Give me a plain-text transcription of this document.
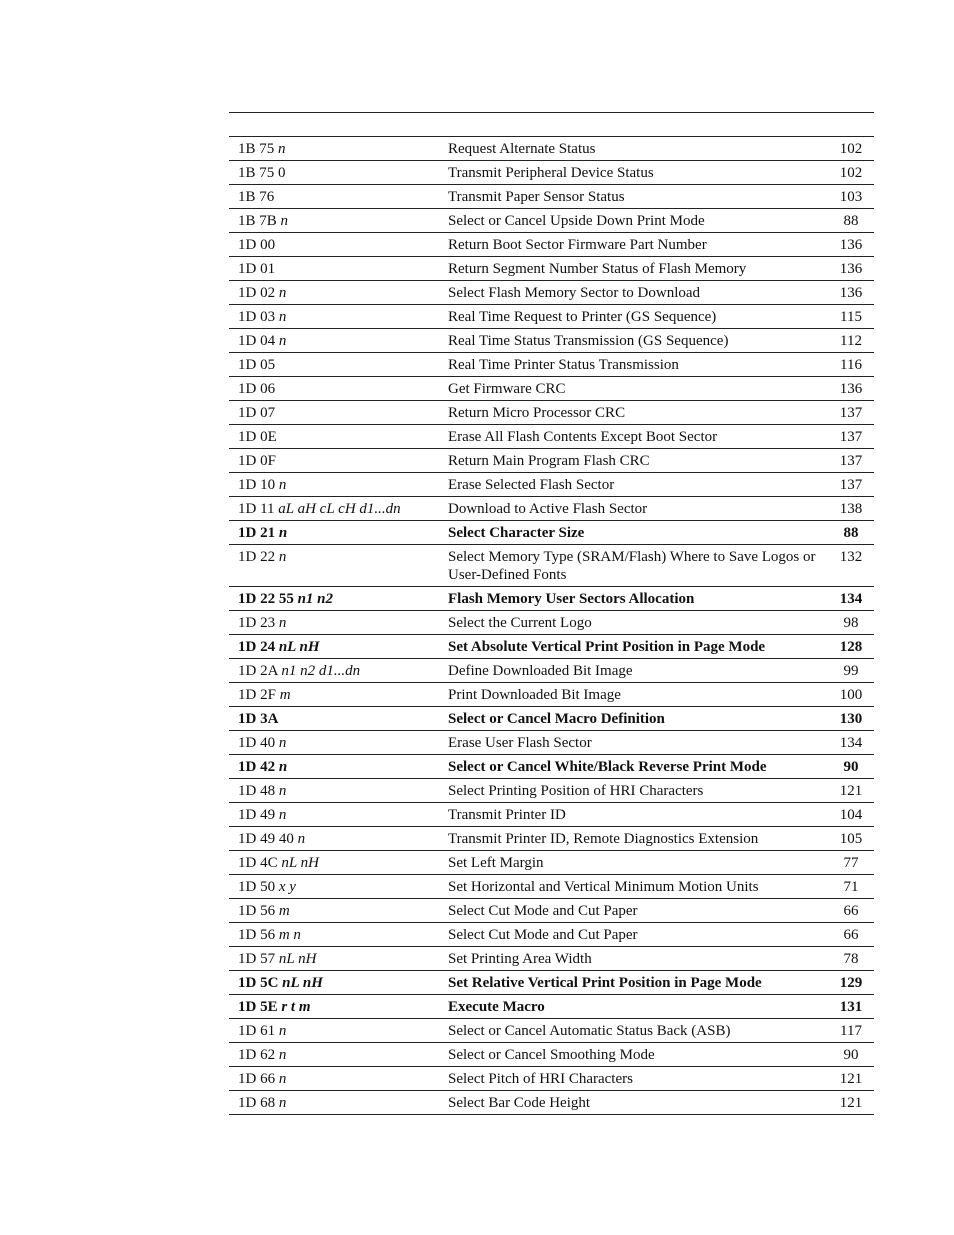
1B 75 n	Request Alternate Status	102
1B 75 0	Transmit Peripheral Device Status	102
1B 76	Transmit Paper Sensor Status	103
1B 7B n	Select or Cancel Upside Down Print Mode	88
1D 00	Return Boot Sector Firmware Part Number	136
1D 01	Return Segment Number Status of Flash Memory	136
1D 02 n	Select Flash Memory Sector to Download	136
1D 03 n	Real Time Request to Printer (GS Sequence)	115
1D 04 n	Real Time Status Transmission (GS Sequence)	112
1D 05	Real Time Printer Status Transmission	116
1D 06	Get Firmware CRC	136
1D 07	Return Micro Processor CRC	137
1D 0E	Erase All Flash Contents Except Boot Sector	137
1D 0F	Return Main Program Flash CRC	137
1D 10 n	Erase Selected Flash Sector	137
1D 11 aL aH cL cH d1...dn	Download to Active Flash Sector	138
1D 21 n	Select Character Size	88
1D 22 n	Select Memory Type (SRAM/Flash) Where to Save Logos or User-Defined Fonts	132
1D 22 55 n1 n2	Flash Memory User Sectors Allocation	134
1D 23 n	Select the Current Logo	98
1D 24 nL nH	Set Absolute Vertical Print Position in Page Mode	128
1D 2A n1 n2 d1...dn	Define Downloaded Bit Image	99
1D 2F m	Print Downloaded Bit Image	100
1D 3A	Select or Cancel Macro Definition	130
1D 40 n	Erase User Flash Sector	134
1D 42 n	Select or Cancel White/Black Reverse Print Mode	90
1D 48 n	Select Printing Position of HRI Characters	121
1D 49 n	Transmit Printer ID	104
1D 49 40 n	Transmit Printer ID, Remote Diagnostics Extension	105
1D 4C nL nH	Set Left Margin	77
1D 50 x y	Set Horizontal and Vertical Minimum Motion Units	71
1D 56 m	Select Cut Mode and Cut Paper	66
1D 56 m n	Select Cut Mode and Cut Paper	66
1D 57 nL nH	Set Printing Area Width	78
1D 5C nL nH	Set Relative Vertical Print Position in Page Mode	129
1D 5E r t m	Execute Macro	131
1D 61 n	Select or Cancel Automatic Status Back (ASB)	117
1D 62 n	Select or Cancel Smoothing Mode	90
1D 66 n	Select Pitch of HRI Characters	121
1D 68 n	Select Bar Code Height	121
